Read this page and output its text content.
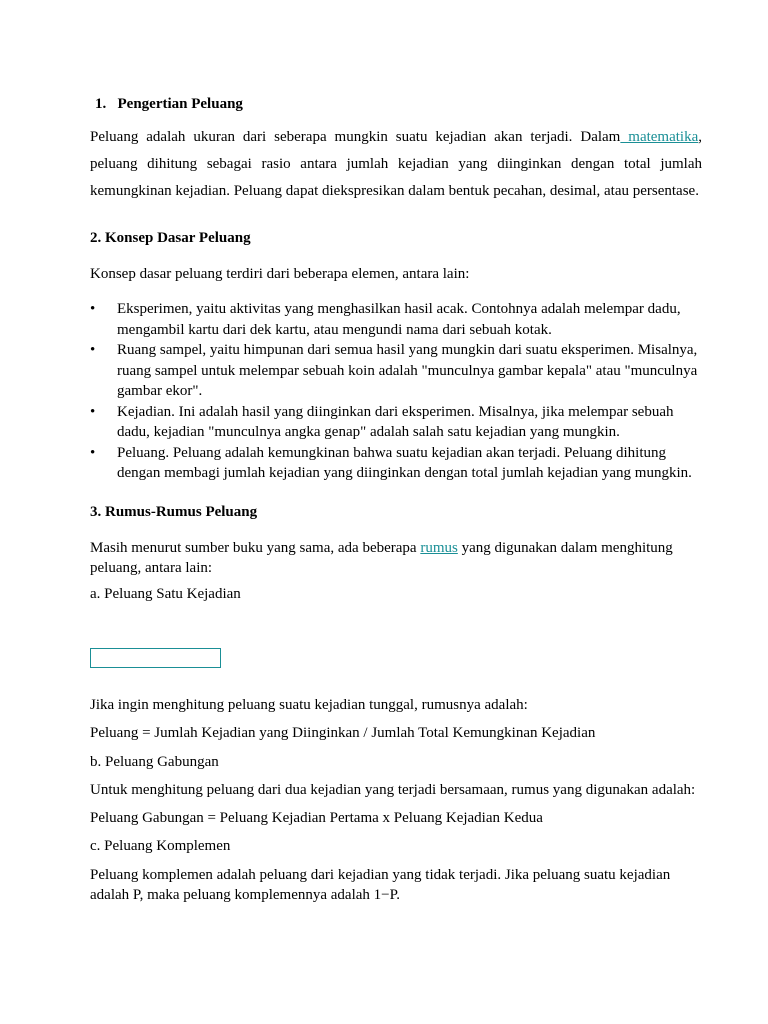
1. Pengertian Peluang

Peluang adalah ukuran dari seberapa mungkin suatu kejadian akan terjadi. Dalam matematika, peluang dihitung sebagai rasio antara jumlah kejadian yang diinginkan dengan total jumlah kemungkinan kejadian. Peluang dapat diekspresikan dalam bentuk pecahan, desimal, atau persentase.

2. Konsep Dasar Peluang
Konsep dasar peluang terdiri dari beberapa elemen, antara lain:
• Eksperimen, yaitu aktivitas yang menghasilkan hasil acak. Contohnya adalah melempar dadu, mengambil kartu dari dek kartu, atau mengundi nama dari sebuah kotak.
• Ruang sampel, yaitu himpunan dari semua hasil yang mungkin dari suatu eksperimen. Misalnya, ruang sampel untuk melempar sebuah koin adalah "munculnya gambar kepala" atau "munculnya gambar ekor".
• Kejadian. Ini adalah hasil yang diinginkan dari eksperimen. Misalnya, jika melempar sebuah dadu, kejadian "munculnya angka genap" adalah salah satu kejadian yang mungkin.
• Peluang. Peluang adalah kemungkinan bahwa suatu kejadian akan terjadi. Peluang dihitung dengan membagi jumlah kejadian yang diinginkan dengan total jumlah kejadian yang mungkin.
3. Rumus-Rumus Peluang
Masih menurut sumber buku yang sama, ada beberapa rumus yang digunakan dalam menghitung peluang, antara lain:
a. Peluang Satu Kejadian
Jika ingin menghitung peluang suatu kejadian tunggal, rumusnya adalah:
Peluang = Jumlah Kejadian yang Diinginkan / Jumlah Total Kemungkinan Kejadian
b. Peluang Gabungan
Untuk menghitung peluang dari dua kejadian yang terjadi bersamaan, rumus yang digunakan adalah:
Peluang Gabungan = Peluang Kejadian Pertama x Peluang Kejadian Kedua
c. Peluang Komplemen
Peluang komplemen adalah peluang dari kejadian yang tidak terjadi. Jika peluang suatu kejadian adalah P, maka peluang komplemennya adalah 1−P.
